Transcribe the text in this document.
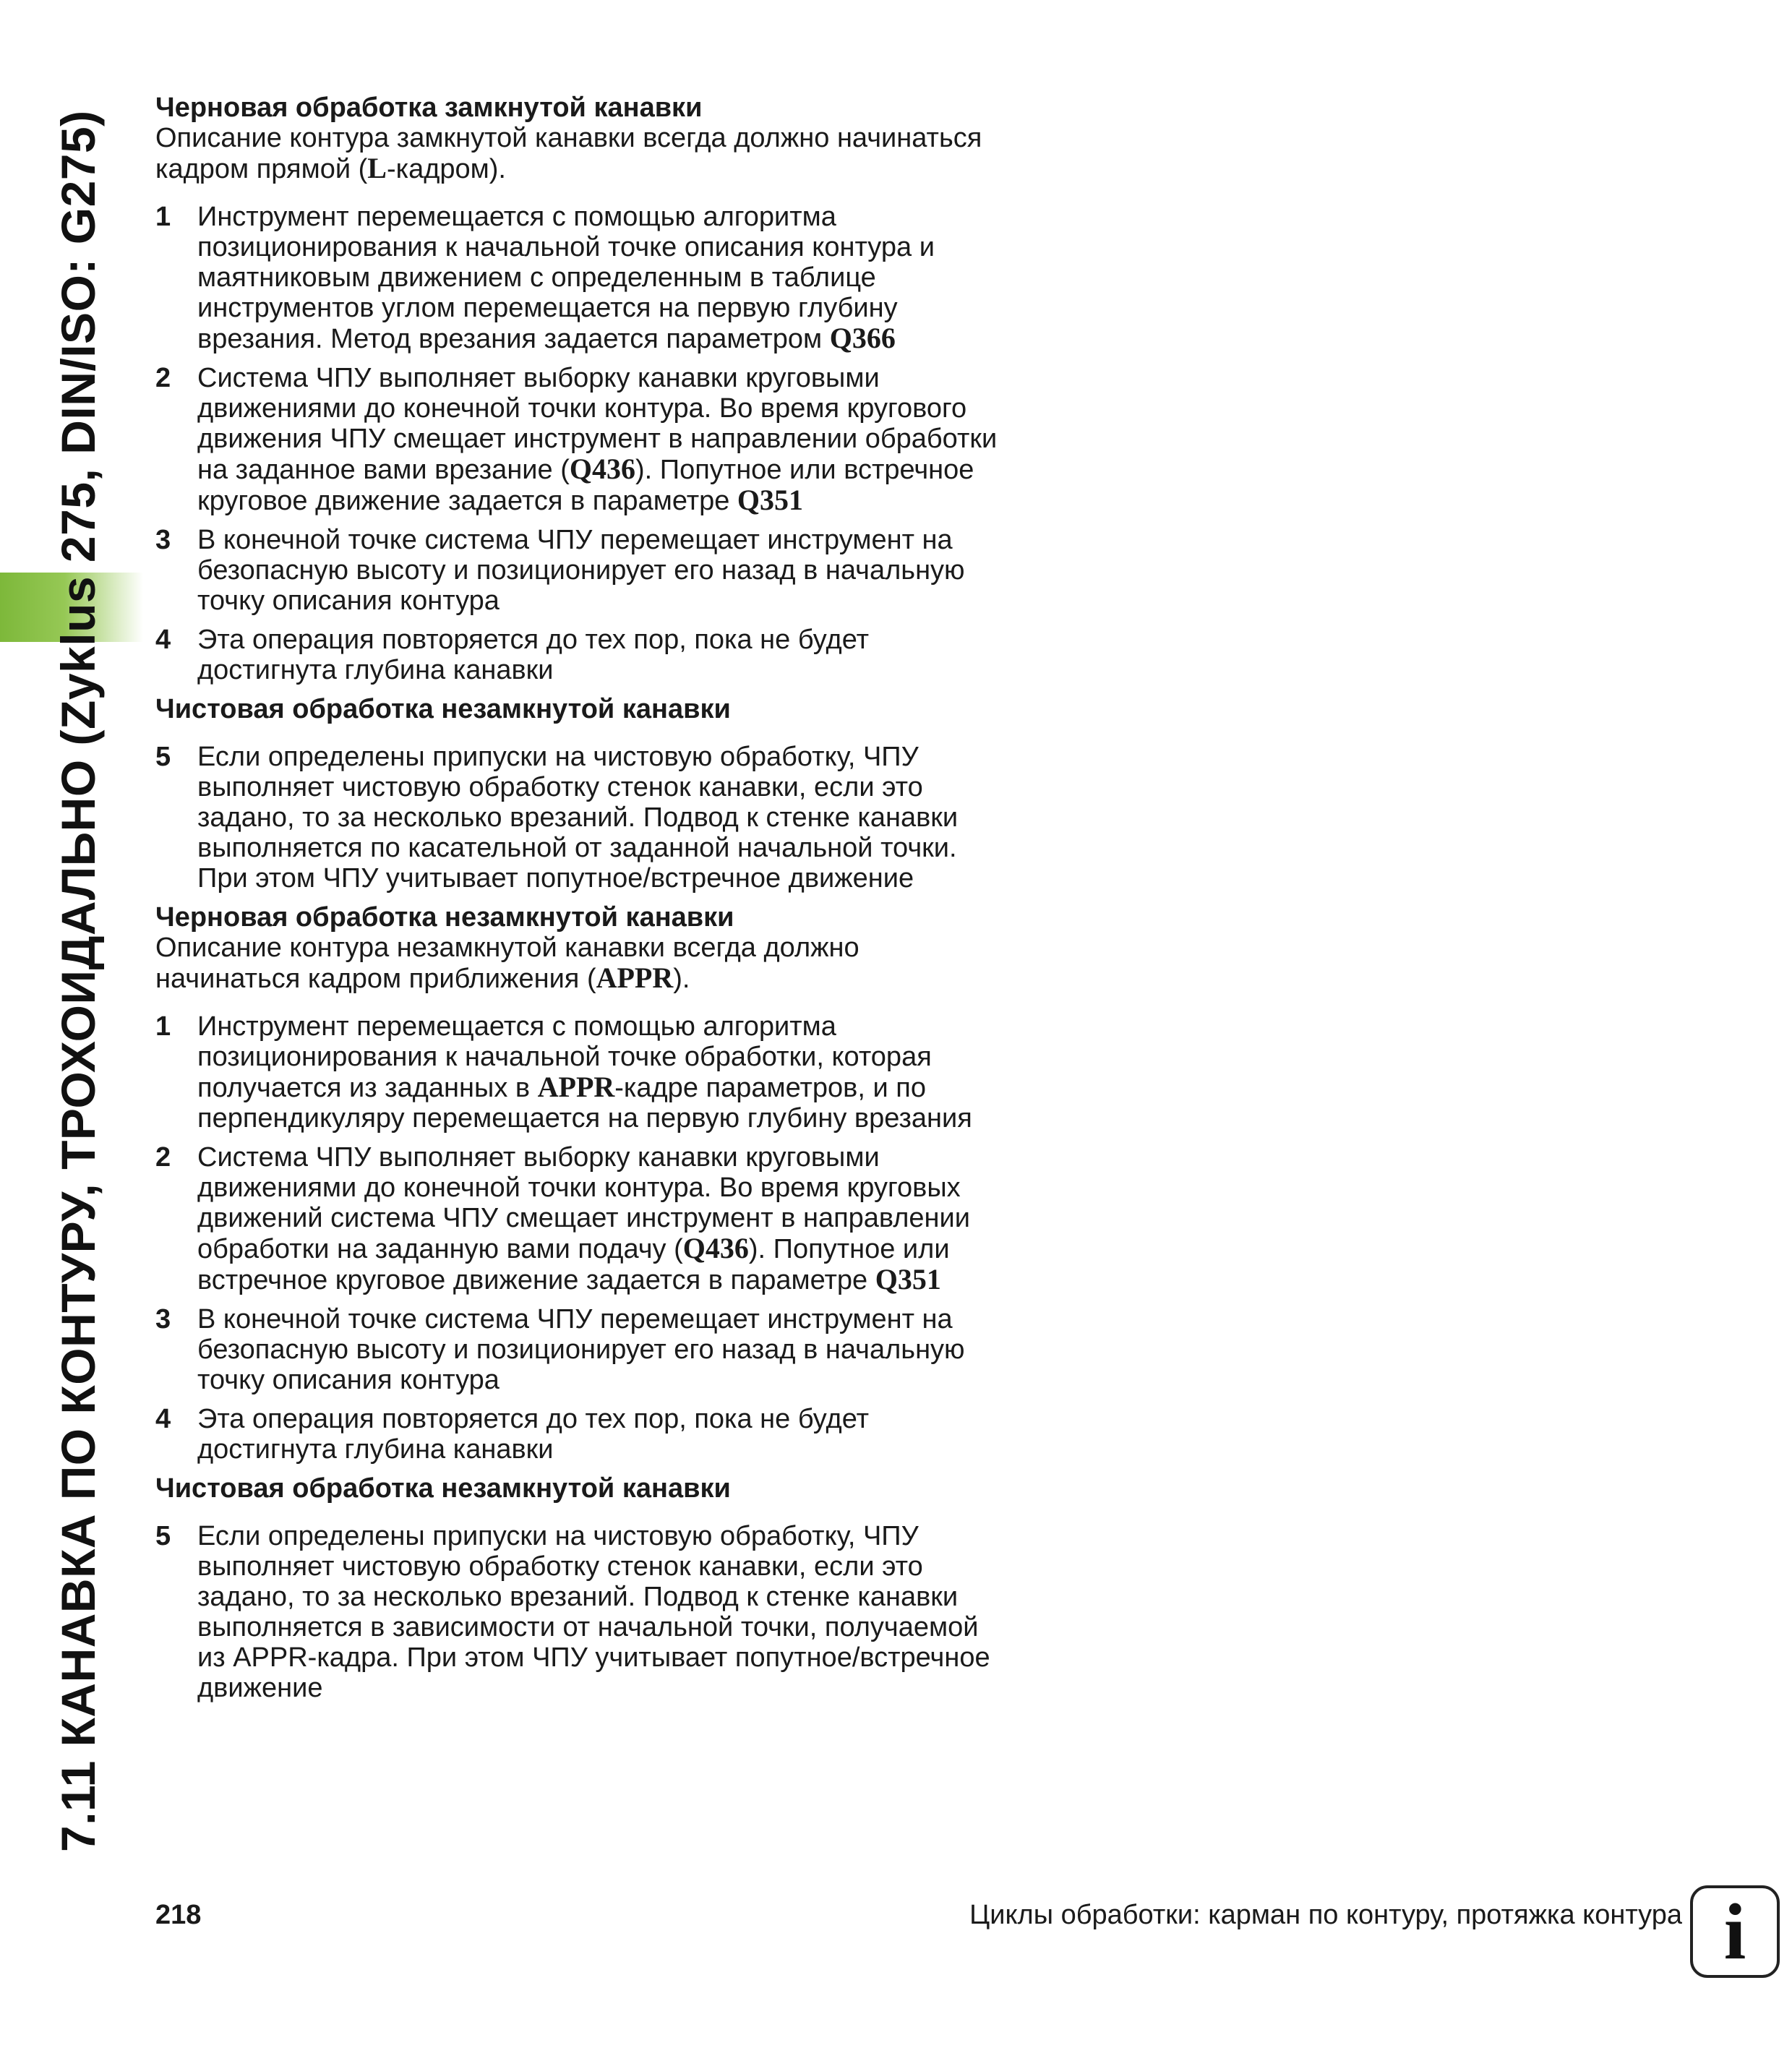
7.11 КАНАВКА ПО КОНТУРУ, ТРОХОИДАЛЬНО (Zyklus 275, DIN/ISO: G275)

Черновая обработка замкнутой канавки

Описание контура замкнутой канавки всегда должно начинаться кадром прямой (L-кадром).

1 Инструмент перемещается с помощью алгоритма позиционирования к начальной точке описания контура и маятниковым движением с определенным в таблице инструментов углом перемещается на первую глубину врезания. Метод врезания задается параметром Q366
2 Система ЧПУ выполняет выборку канавки круговыми движениями до конечной точки контура. Во время кругового движения ЧПУ смещает инструмент в направлении обработки на заданное вами врезание (Q436). Попутное или встречное круговое движение задается в параметре Q351
3 В конечной точке система ЧПУ перемещает инструмент на безопасную высоту и позиционирует его назад в начальную точку описания контура
4 Эта операция повторяется до тех пор, пока не будет достигнута глубина канавки

Чистовая обработка незамкнутой канавки

5 Если определены припуски на чистовую обработку, ЧПУ выполняет чистовую обработку стенок канавки, если это задано, то за несколько врезаний. Подвод к стенке канавки выполняется по касательной от заданной начальной точки. При этом ЧПУ учитывает попутное/встречное движение

Черновая обработка незамкнутой канавки

Описание контура незамкнутой канавки всегда должно начинаться кадром приближения (APPR).

1 Инструмент перемещается с помощью алгоритма позиционирования к начальной точке обработки, которая получается из заданных в APPR-кадре параметров, и по перпендикуляру перемещается на первую глубину врезания
2 Система ЧПУ выполняет выборку канавки круговыми движениями до конечной точки контура. Во время круговых движений система ЧПУ смещает инструмент в направлении обработки на заданную вами подачу (Q436). Попутное или встречное круговое движение задается в параметре Q351
3 В конечной точке система ЧПУ перемещает инструмент на безопасную высоту и позиционирует его назад в начальную точку описания контура
4 Эта операция повторяется до тех пор, пока не будет достигнута глубина канавки

Чистовая обработка незамкнутой канавки

5 Если определены припуски на чистовую обработку, ЧПУ выполняет чистовую обработку стенок канавки, если это задано, то за несколько врезаний. Подвод к стенке канавки выполняется в зависимости от начальной точки, получаемой из APPR-кадра. При этом ЧПУ учитывает попутное/встречное движение
218	Циклы обработки: карман по контуру, протяжка контура i
